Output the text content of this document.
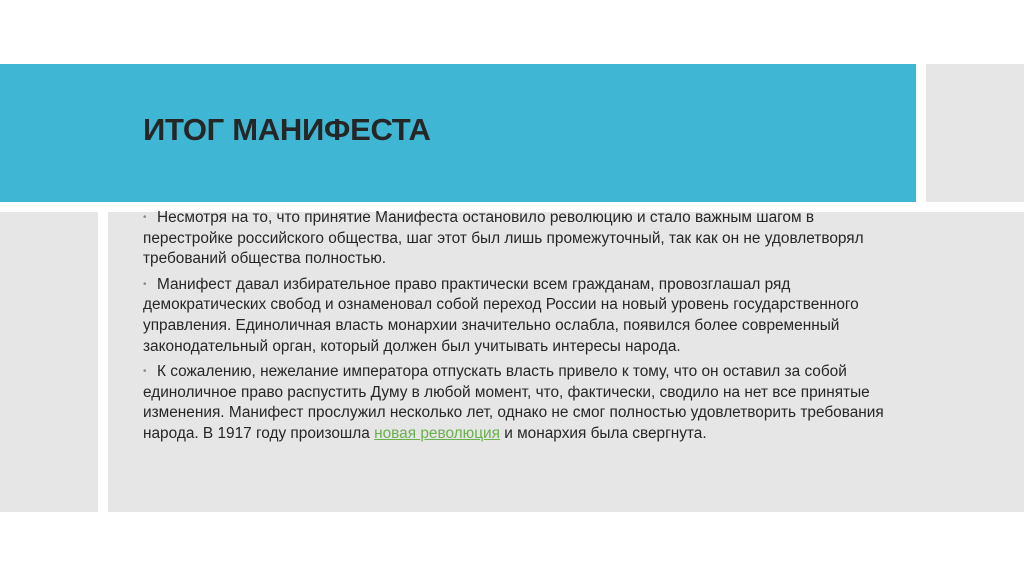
ИТОГ МАНИФЕСТА
• Несмотря на то, что принятие Манифеста остановило революцию и стало важным шагом в перестройке российского общества, шаг этот был лишь промежуточный, так как он не удовлетворял требований общества полностью.
• Манифест давал избирательное право практически всем гражданам, провозглашал ряд демократических свобод и ознаменовал собой переход России на новый уровень государственного управления. Единоличная власть монархии значительно ослабла, появился более современный законодательный орган, который должен был учитывать интересы народа.
• К сожалению, нежелание императора отпускать власть привело к тому, что он оставил за собой единоличное право распустить Думу в любой момент, что, фактически, сводило на нет все принятые изменения. Манифест прослужил несколько лет, однако не смог полностью удовлетворить требования народа. В 1917 году произошла новая революция и монархия была свергнута.
